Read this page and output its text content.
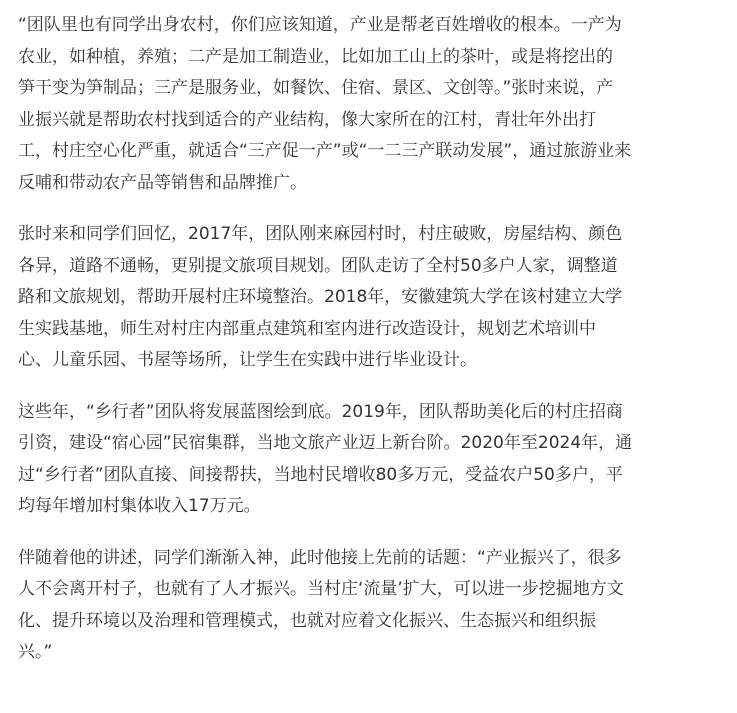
“团队里也有同学出身农村，你们应该知道，产业是帮老百姓增收的根本。一产为
农业，如种植，养殖；二产是加工制造业，比如加工山上的茶叶，或是将挖出的
笋干变为笋制品；三产是服务业，如餐饮、住宿、景区、文创等。”张时来说，产
业振兴就是帮助农村找到适合的产业结构，像大家所在的江村，青壮年外出打
工，村庄空心化严重，就适合“三产促一产”或“一二三产联动发展”，通过旅游业来
反哺和带动农产品等销售和品牌推广。
张时来和同学们回忆，2017年，团队刚来麻园村时，村庄破败，房屋结构、颜色
各异，道路不通畅，更别提文旅项目规划。团队走访了全村50多户人家，调整道
路和文旅规划，帮助开展村庄环境整治。2018年，安徽建筑大学在该村建立大学
生实践基地，师生对村庄内部重点建筑和室内进行改造设计，规划艺术培训中
心、儿童乐园、书屋等场所，让学生在实践中进行毕业设计。
这些年，“乡行者”团队将发展蓝图绘到底。2019年，团队帮助美化后的村庄招商
引资，建设“宿心园”民宿集群，当地文旅产业迈上新台阶。2020年至2024年，通
过“乡行者”团队直接、间接帮扶，当地村民增收80多万元，受益农户50多户，平
均每年增加村集体收入17万元。
伴随着他的讲述，同学们渐渐入神，此时他接上先前的话题：“产业振兴了，很多
人不会离开村子，也就有了人才振兴。当村庄‘流量’扩大，可以进一步挖掘地方文
化、提升环境以及治理和管理模式，也就对应着文化振兴、生态振兴和组织振
兴。”
